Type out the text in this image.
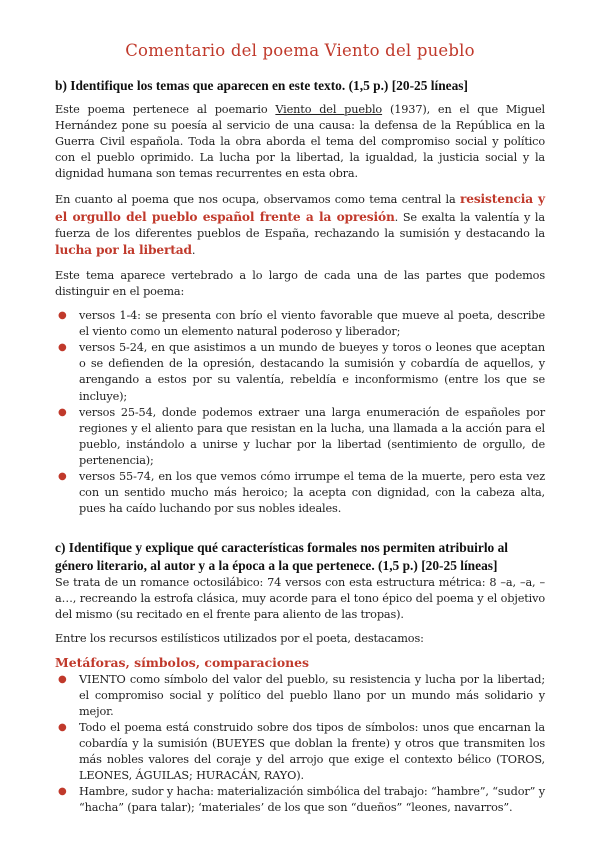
Comentario del poema Viento del pueblo
b) Identifique los temas que aparecen en este texto. (1,5 p.) [20-25 líneas]

Este poema pertenece al poemario Viento del pueblo (1937), en el que Miguel Hernández pone su poesía al servicio de una causa: la defensa de la República en la Guerra Civil española. Toda la obra aborda el tema del compromiso social y político con el pueblo oprimido. La lucha por la libertad, la igualdad, la justicia social y la dignidad humana son temas recurrentes en esta obra.

En cuanto al poema que nos ocupa, observamos como tema central la resistencia y el orgullo del pueblo español frente a la opresión. Se exalta la valentía y la fuerza de los diferentes pueblos de España, rechazando la sumisión y destacando la lucha por la libertad.

Este tema aparece vertebrado a lo largo de cada una de las partes que podemos distinguir en el poema:

● versos 1-4: se presenta con brío el viento favorable que mueve al poeta, describe el viento como un elemento natural poderoso y liberador;
● versos 5-24, en que asistimos a un mundo de bueyes y toros o leones que aceptan o se defienden de la opresión, destacando la sumisión y cobardía de aquellos, y arengando a estos por su valentía, rebeldía e inconformismo (entre los que se incluye);
● versos 25-54, donde podemos extraer una larga enumeración de españoles por regiones y el aliento para que resistan en la lucha, una llamada a la acción para el pueblo, instándolo a unirse y luchar por la libertad (sentimiento de orgullo, de pertenencia);
● versos 55-74, en los que vemos cómo irrumpe el tema de la muerte, pero esta vez con un sentido mucho más heroico; la acepta con dignidad, con la cabeza alta, pues ha caído luchando por sus nobles ideales.
c) Identifique y explique qué características formales nos permiten atribuirlo al género literario, al autor y a la época a la que pertenece. (1,5 p.) [20-25 líneas]

Se trata de un romance octosilábico: 74 versos con esta estructura métrica: 8 –a, –a, –a…, recreando la estrofa clásica, muy acorde para el tono épico del poema y el objetivo del mismo (su recitado en el frente para aliento de las tropas).

Entre los recursos estilísticos utilizados por el poeta, destacamos:

Metáforas, símbolos, comparaciones
● VIENTO como símbolo del valor del pueblo, su resistencia y lucha por la libertad; el compromiso social y político del pueblo llano por un mundo más solidario y mejor.
● Todo el poema está construido sobre dos tipos de símbolos: unos que encarnan la cobardía y la sumisión (BUEYES que doblan la frente) y otros que transmiten los más nobles valores del coraje y del arrojo que exige el contexto bélico (TOROS, LEONES, ÁGUILAS; HURACÁN, RAYO).
● Hambre, sudor y hacha: materialización simbólica del trabajo: “hambre”, “sudor” y “hacha” (para talar); ‘materiales’ de los que son “dueños” “leones, navarros”.
